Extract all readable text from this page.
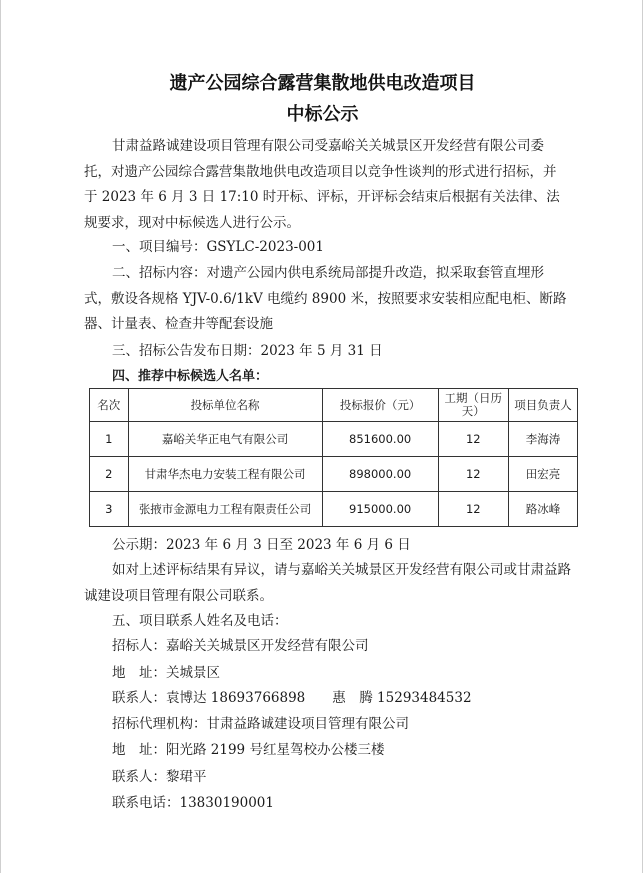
遗产公园综合露营集散地供电改造项目
中标公示
甘肃益路诚建设项目管理有限公司受嘉峪关关城景区开发经营有限公司委托，对遗产公园综合露营集散地供电改造项目以竞争性谈判的形式进行招标，并于 2023 年 6 月 3 日 17:10 时开标、评标，开评标会结束后根据有关法律、法规要求，现对中标候选人进行公示。
一、项目编号：GSYLC-2023-001
二、招标内容：对遗产公园内供电系统局部提升改造，拟采取套管直埋形式，敷设各规格 YJV-0.6/1kV 电缆约 8900 米，按照要求安装相应配电柜、断路器、计量表、检查井等配套设施
三、招标公告发布日期：2023 年 5 月 31 日
四、推荐中标候选人名单：
名次	投标单位名称	投标报价（元）	工期（日历天）	项目负责人
1	嘉峪关华正电气有限公司	851600.00	12	李海涛
2	甘肃华杰电力安装工程有限公司	898000.00	12	田宏亮
3	张掖市金源电力工程有限责任公司	915000.00	12	路冰峰
公示期：2023 年 6 月 3 日至 2023 年 6 月 6 日
如对上述评标结果有异议，请与嘉峪关关城景区开发经营有限公司或甘肃益路诚建设项目管理有限公司联系。
五、项目联系人姓名及电话：
招标人：嘉峪关关城景区开发经营有限公司
地　址：关城景区
联系人：袁博达 18693766898　　惠　腾 15293484532
招标代理机构：甘肃益路诚建设项目管理有限公司
地　址：阳光路 2199 号红星驾校办公楼三楼
联系人：黎珺平
联系电话：13830190001
